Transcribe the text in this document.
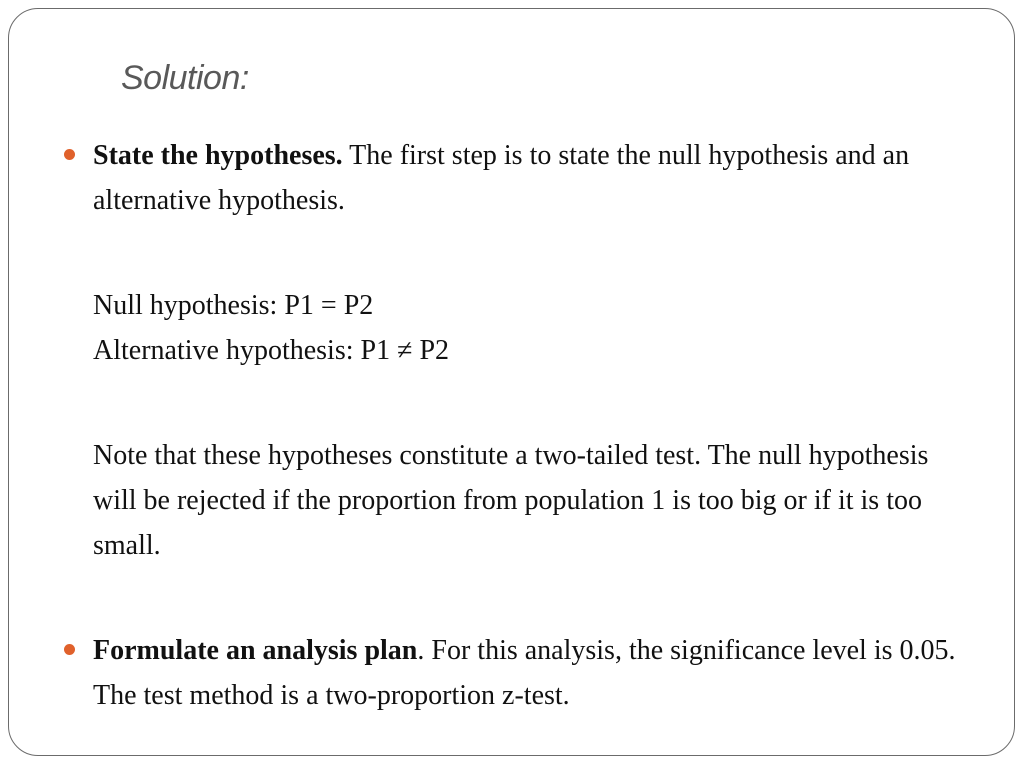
Solution:

State the hypotheses. The first step is to state the null hypothesis and an alternative hypothesis.

Null hypothesis: P1 = P2
Alternative hypothesis: P1 ≠ P2

Note that these hypotheses constitute a two-tailed test. The null hypothesis will be rejected if the proportion from population 1 is too big or if it is too small.

Formulate an analysis plan. For this analysis, the significance level is 0.05. The test method is a two-proportion z-test.
